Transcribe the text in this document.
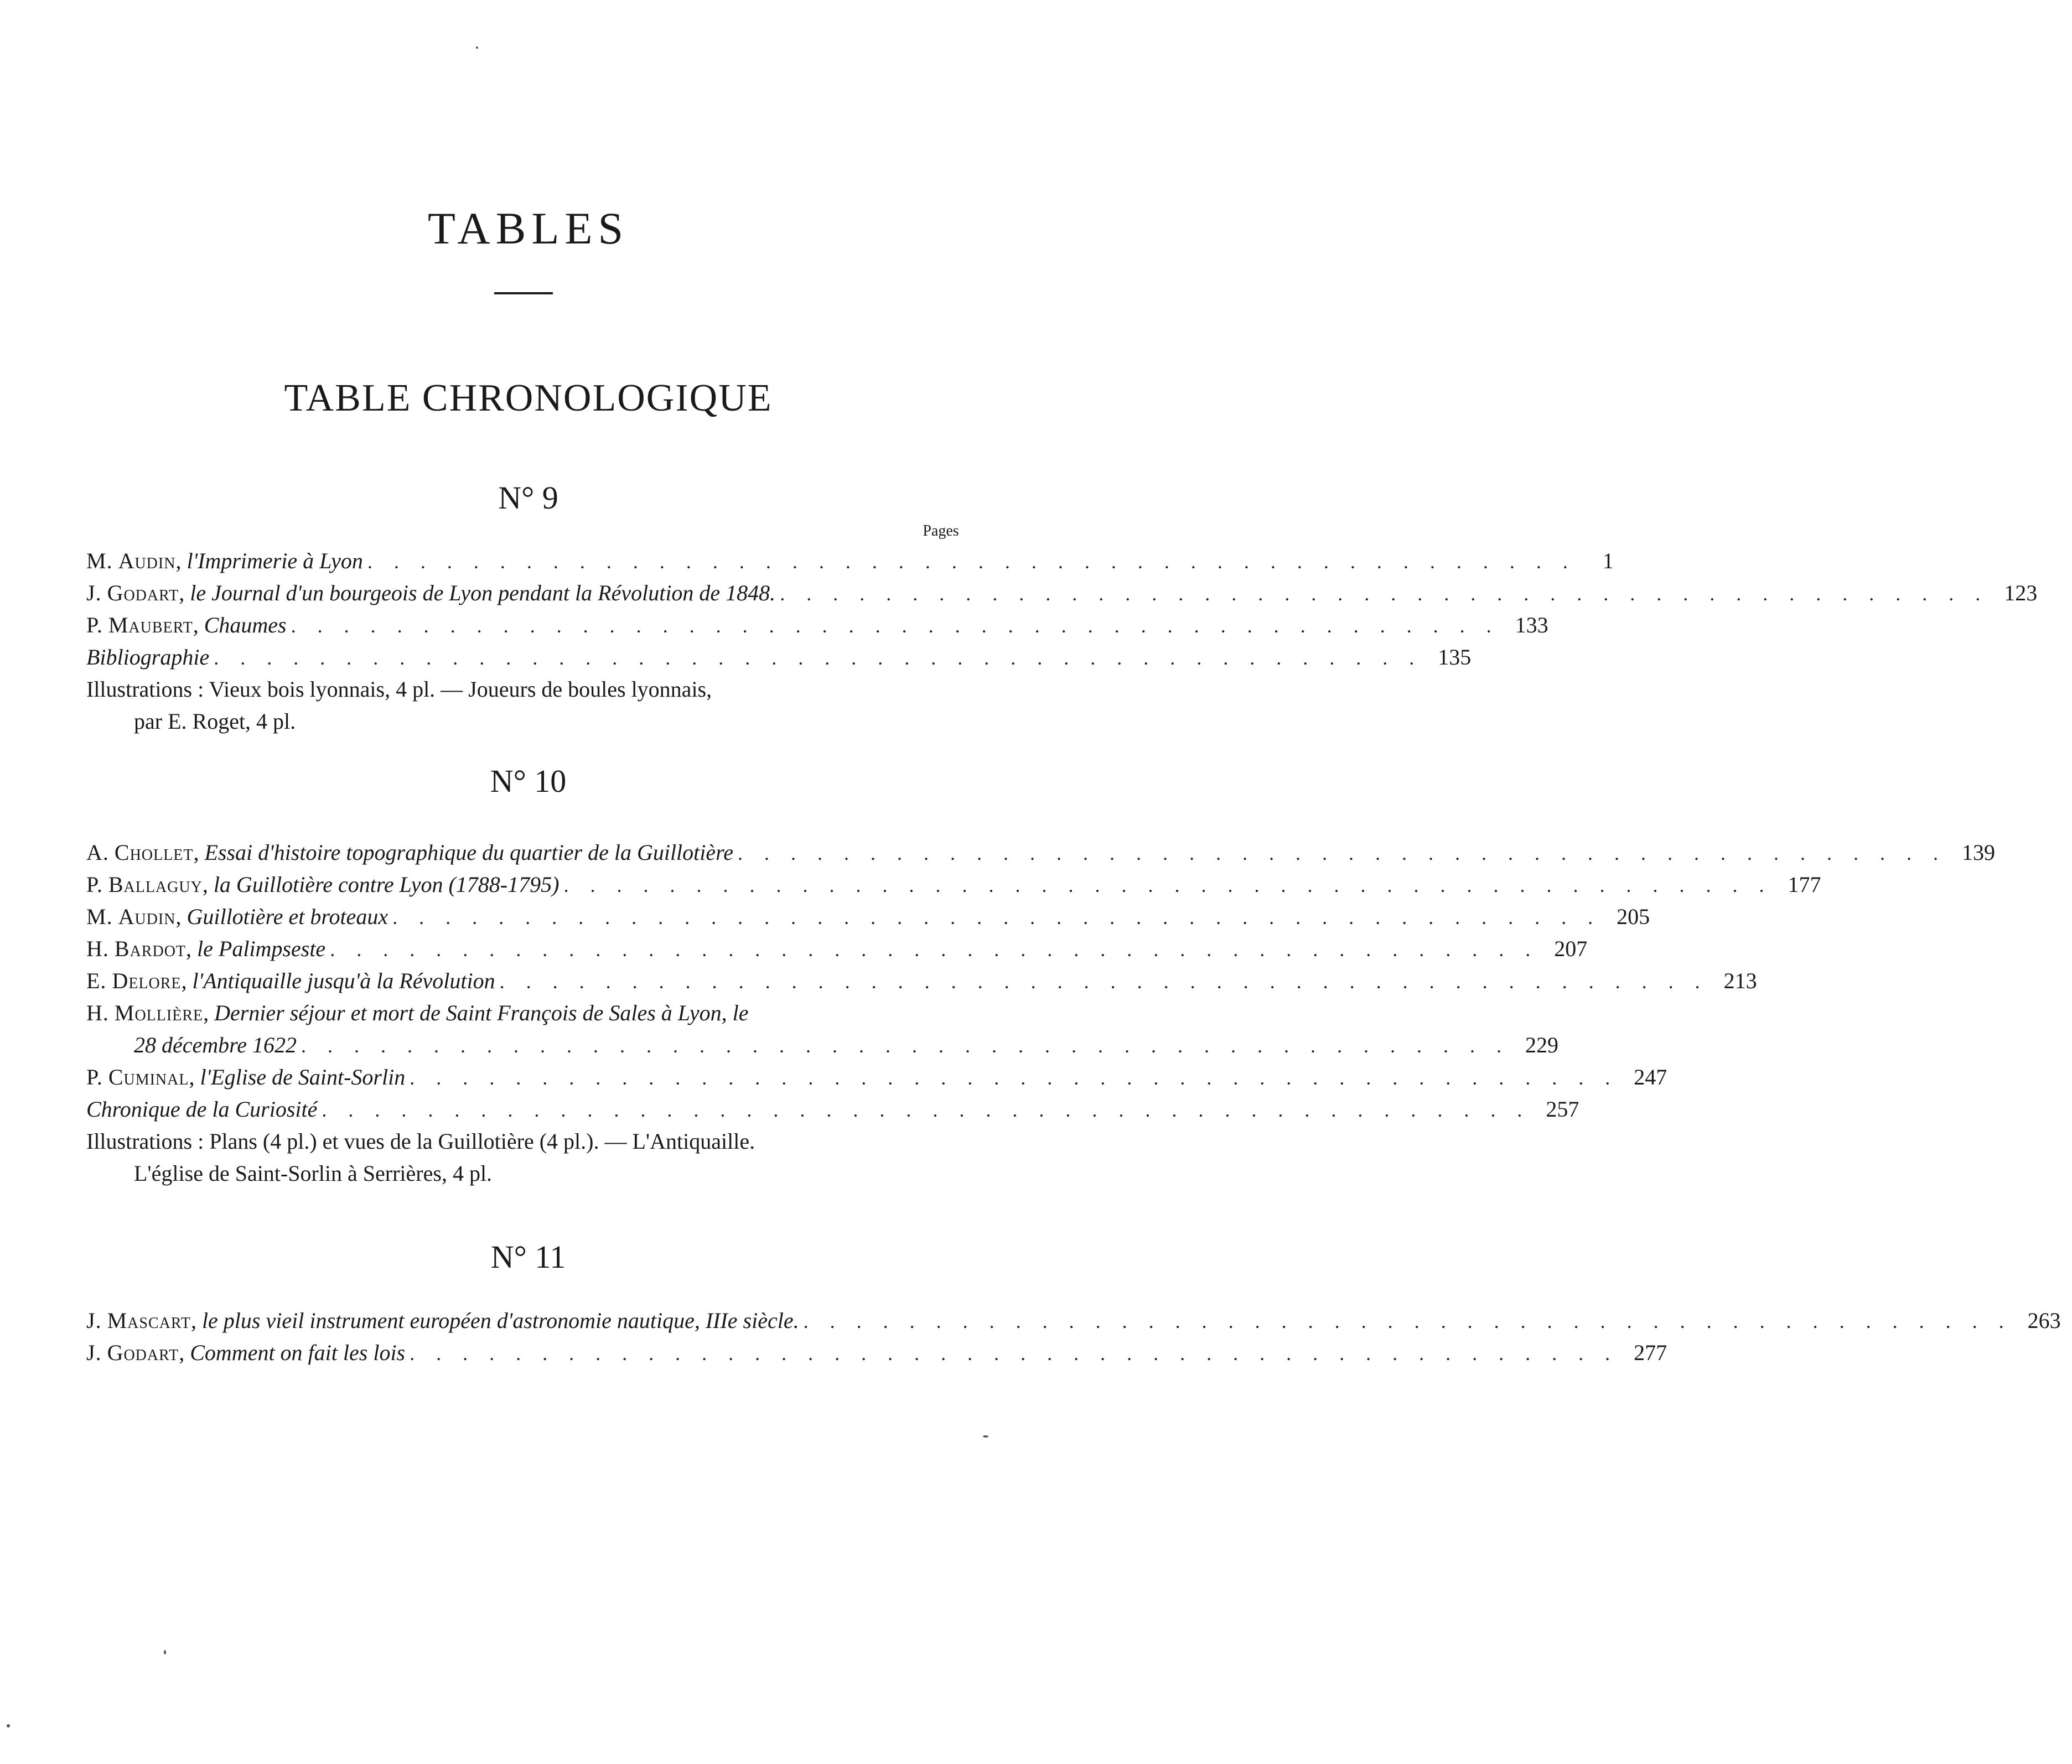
TABLES
TABLE CHRONOLOGIQUE
N° 9
Pages
M. Audin, l'Imprimerie à Lyon . . . . . . . . . . . . . . . . . . . . . . . . . . . . . . . . . . . . . . . . . . . . . .	1
J. Godart, le Journal d'un bourgeois de Lyon pendant la Révolution de 1848. . . . . . . . . . . . . . . . . . . . . . . . . . . . . . . . . . . . . . . . . . . . . . . 123
P. Maubert, Chaumes . . . . . . . . . . . . . . . . . . . . . . . . . . . . . . . . . . . . . . . . . . . . . . 133
Bibliographie . . . . . . . . . . . . . . . . . . . . . . . . . . . . . . . . . . . . . . . . . . . . . . 135
Illustrations : Vieux bois lyonnais, 4 pl. — Joueurs de boules lyonnais,
par E. Roget, 4 pl.
N° 10
A. Chollet, Essai d'histoire topographique du quartier de la Guillotière . . . . . . . . . . . . . . . . . . . . . . . . . . . . . . . . . . . . . . . . . . . . . . 139
P. Ballaguy, la Guillotière contre Lyon (1788-1795) . . . . . . . . . . . . . . . . . . . . . . . . . . . . . . . . . . . . . . . . . . . . . . 177
M. Audin, Guillotière et broteaux . . . . . . . . . . . . . . . . . . . . . . . . . . . . . . . . . . . . . . . . . . . . . . 205
H. Bardot, le Palimpseste . . . . . . . . . . . . . . . . . . . . . . . . . . . . . . . . . . . . . . . . . . . . . . 207
E. Delore, l'Antiquaille jusqu'à la Révolution . . . . . . . . . . . . . . . . . . . . . . . . . . . . . . . . . . . . . . . . . . . . . . 213
H. Mollière, Dernier séjour et mort de Saint François de Sales à Lyon, le
28 décembre 1622 . . . . . . . . . . . . . . . . . . . . . . . . . . . . . . . . . . . . . . . . . . . . . . 229
P. Cuminal, l'Eglise de Saint-Sorlin . . . . . . . . . . . . . . . . . . . . . . . . . . . . . . . . . . . . . . . . . . . . . . 247
Chronique de la Curiosité . . . . . . . . . . . . . . . . . . . . . . . . . . . . . . . . . . . . . . . . . . . . . . 257
Illustrations : Plans (4 pl.) et vues de la Guillotière (4 pl.). — L'Antiquaille.
L'église de Saint-Sorlin à Serrières, 4 pl.
N° 11
J. Mascart, le plus vieil instrument européen d'astronomie nautique, IIIe siècle. . . . . . . . . . . . . . . . . . . . . . . . . . . . . . . . . . . . . . . . . . . . . . . 263
J. Godart, Comment on fait les lois . . . . . . . . . . . . . . . . . . . . . . . . . . . . . . . . . . . . . . . . . . . . . . 277
